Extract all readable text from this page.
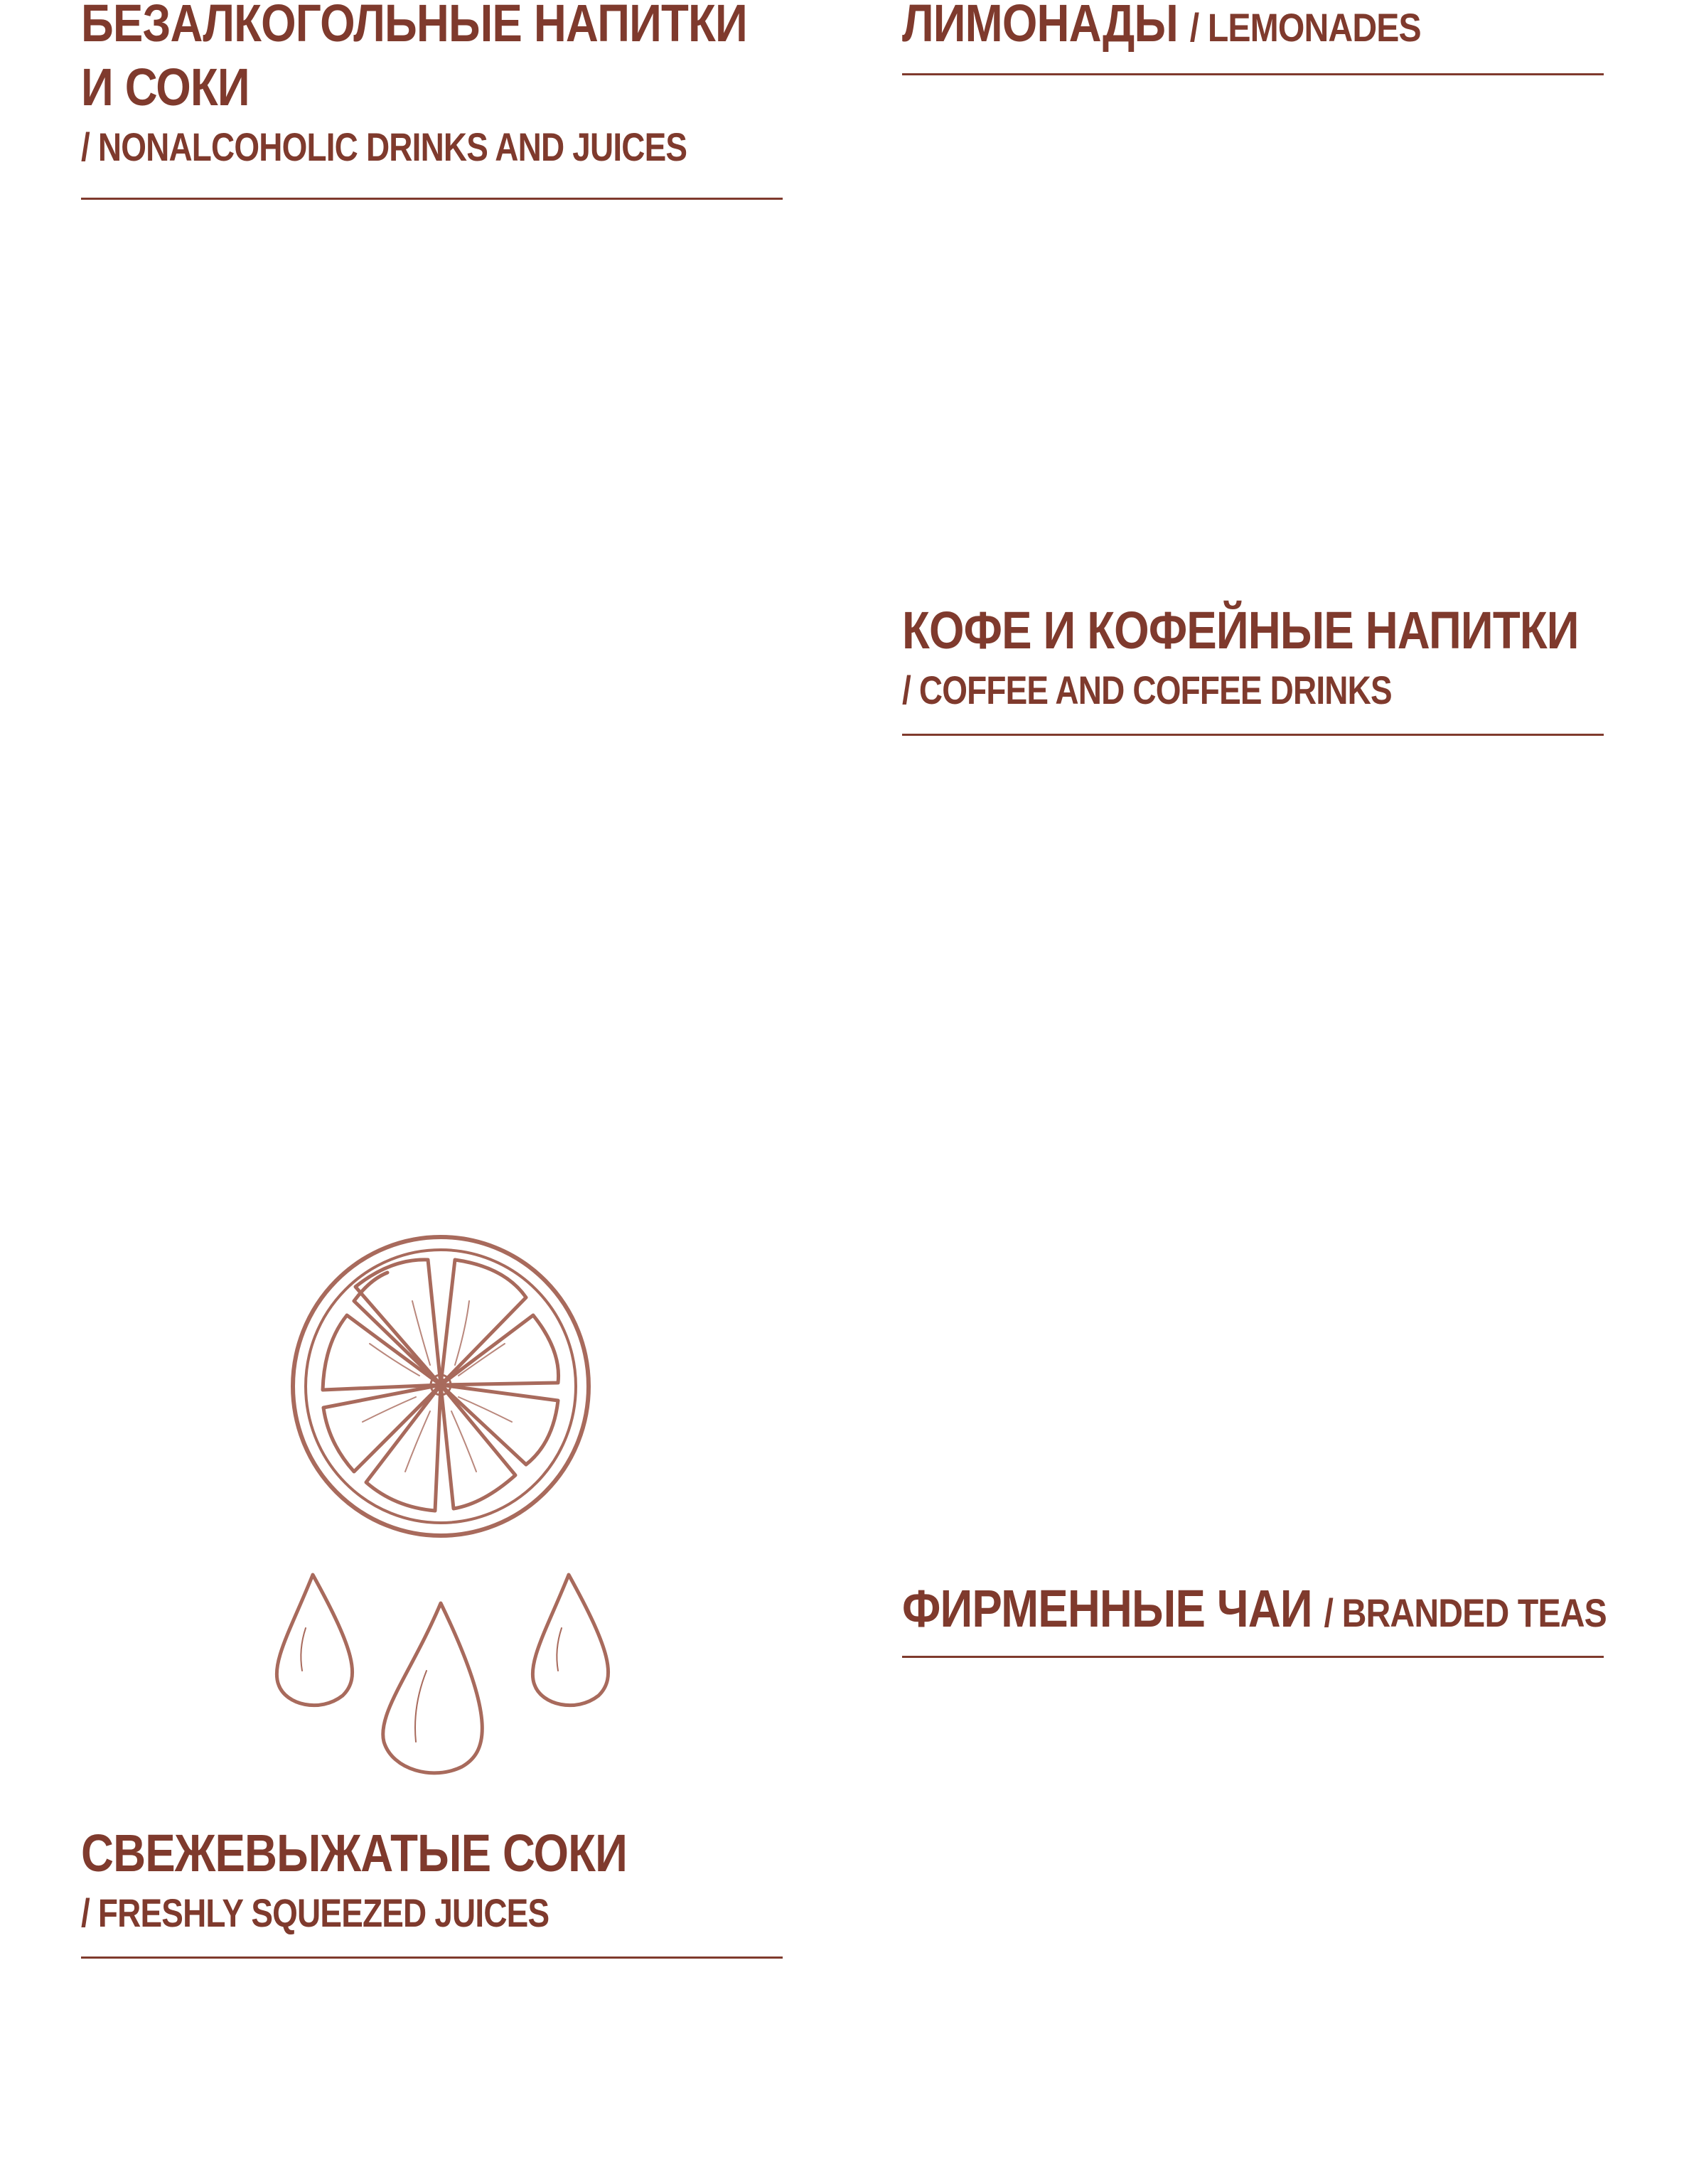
БЕЗАЛКОГОЛЬНЫЕ НАПИТКИ
И СОКИ
/ NONALCOHOLIC DRINKS AND JUICES
ЛИМОНАДЫ / LEMONADES
КОФЕ И КОФЕЙНЫЕ НАПИТКИ
/ COFFEE AND COFFEE DRINKS
ФИРМЕННЫЕ ЧАИ / BRANDED TEAS
СВЕЖЕВЫЖАТЫЕ СОКИ
/ FRESHLY SQUEEZED JUICES
